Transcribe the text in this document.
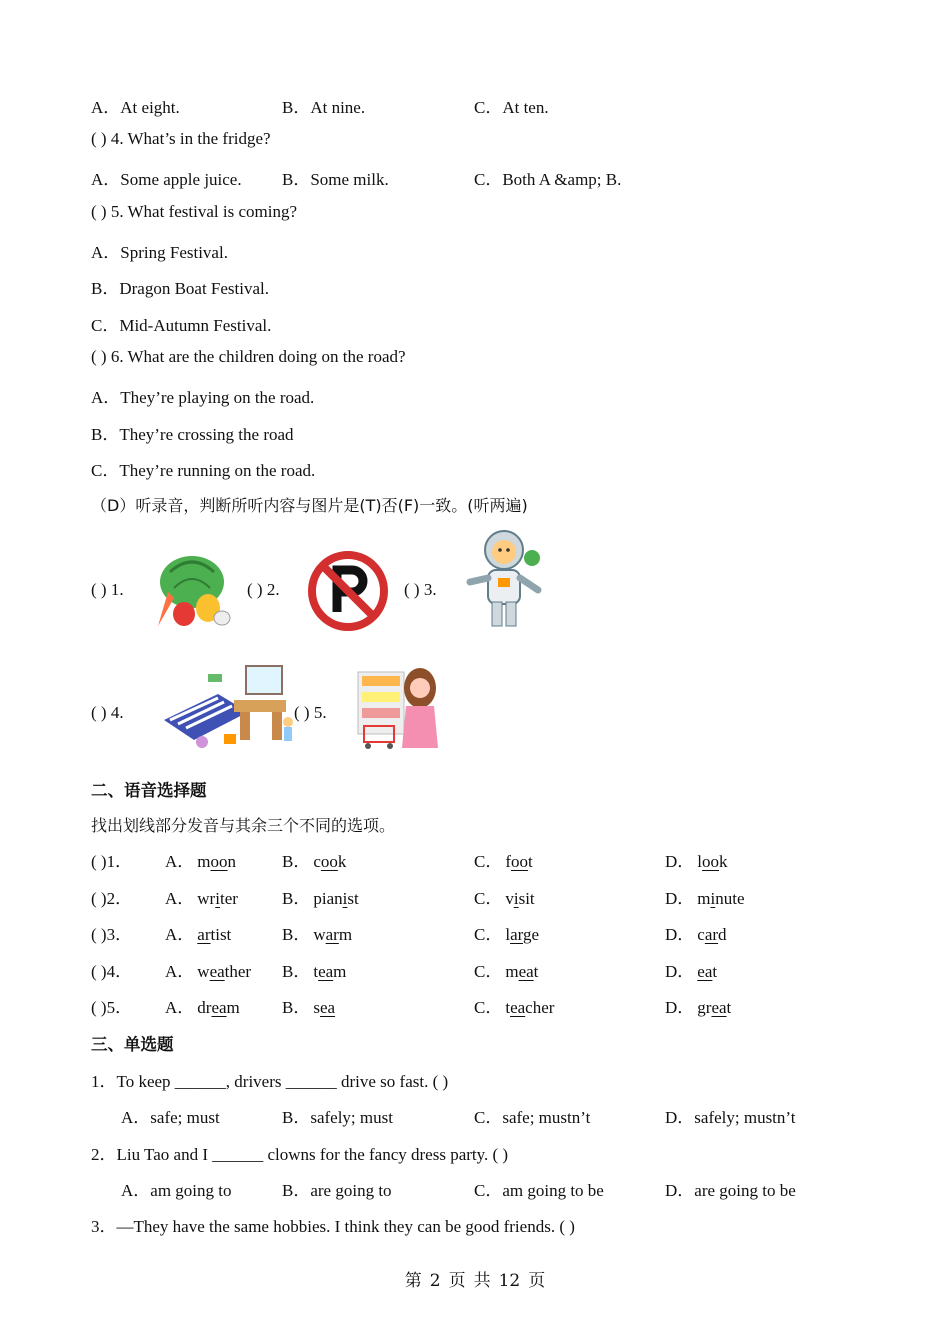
A．At eight.	B．At nine.	C．At ten.
( ) 4. What’s in the fridge?
A．Some apple juice. B．Some milk.	C．Both A &amp; B.
( ) 5. What festival is coming?
A．Spring Festival.
B．Dragon Boat Festival.
C．Mid-Autumn Festival.
( ) 6. What are the children doing on the road?
A．They’re playing on the road.
B．They’re crossing the road
C．They’re running on the road.
（D）听录音，判断所听内容与图片是(T)否(F)一致。(听两遍)
( ) 1.	( ) 2.	( ) 3.
( ) 4.	( ) 5.
二、语音选择题
找出划线部分发音与其余三个不同的选项。
( )1． A． moon	B． cook	C． foot	D． look
( )2． A． writer	B． pianist	C． visit	D． minute
( )3． A． artist	B． warm	C． large	D． card
( )4． A． weather B． team	C． meat	D． eat
( )5． A． dream B． sea	C． teacher	D． great
三、单选题
1．To keep ______, drivers ______ drive so fast. ( )
A．safe; must	B．safely; must	C．safe; mustn’t	D．safely; mustn’t
2．Liu Tao and I ______ clowns for the fancy dress party. ( )
A．am going to	B．are going to	C．am going to be	D．are going to be
3．—They have the same hobbies. I think they can be good friends. ( )
第 2 页 共 12 页
